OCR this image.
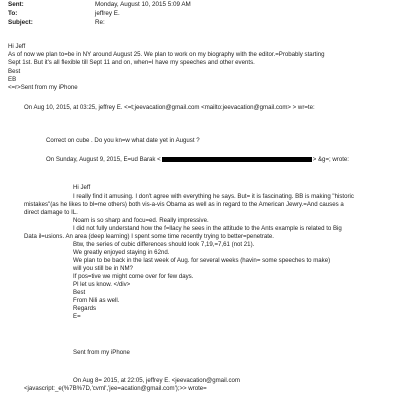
Sent:	Monday, August 10, 2015 5:09 AM
To:	jeffrey E.
Subject:	Re:
Hi Jeff
As of now we plan to=be in NY around August 25. We plan to work on my biography with the editor.=Probably starting
Sept 1st. But it's all flexible till Sept 11 and on, when=I have my speeches and other events.
Best
EB
<=r>Sent from my iPhone
On Aug 10, 2015, at 03:25, jeffrey E. <=t;jeevacation@gmail.com <mailto:jeevacation@gmail.com> > wr=te:
Correct on cube . Do you kn=w what date yet in August ?
On Sunday, August 9, 2015, E=ud Barak <	> &g=; wrote:
Hi Jeff
I really find it amusing. I don't agree with everything he says. But= it is fascinating. BB is making "historic
mistakes"(as he likes to bl=me others) both vis-a-vis Obama as well as in regard to the American Jewry.=And causes a
direct damage to IL.
Noam is so sharp and focu=ed. Really impressive.
I did not fully understand how the f=llacy he sees in the attitude to the Ants example is related to Big
Data il=usions. An area (deep learning) I spent some time recently trying to better=penetrate.
Btw, the series of cubic differences should look 7,19,=7,61 (not 21).
We greatly enjoyed staying in 62nd.
We plan to be back in the last week of Aug. for several weeks (havin= some speeches to make)
will you still be in NM?
If pos=tive we might come over for few days.
Pl let us know. </div>
Best
From Nili as well.
Regards
E=
Sent from my iPhone
On Aug 8= 2015, at 22:05, jeffrey E. <jeevacation@gmail.com
<javascript:_e(%7B%7D,'cvml','jee=acation@gmail.com');>> wrote=
